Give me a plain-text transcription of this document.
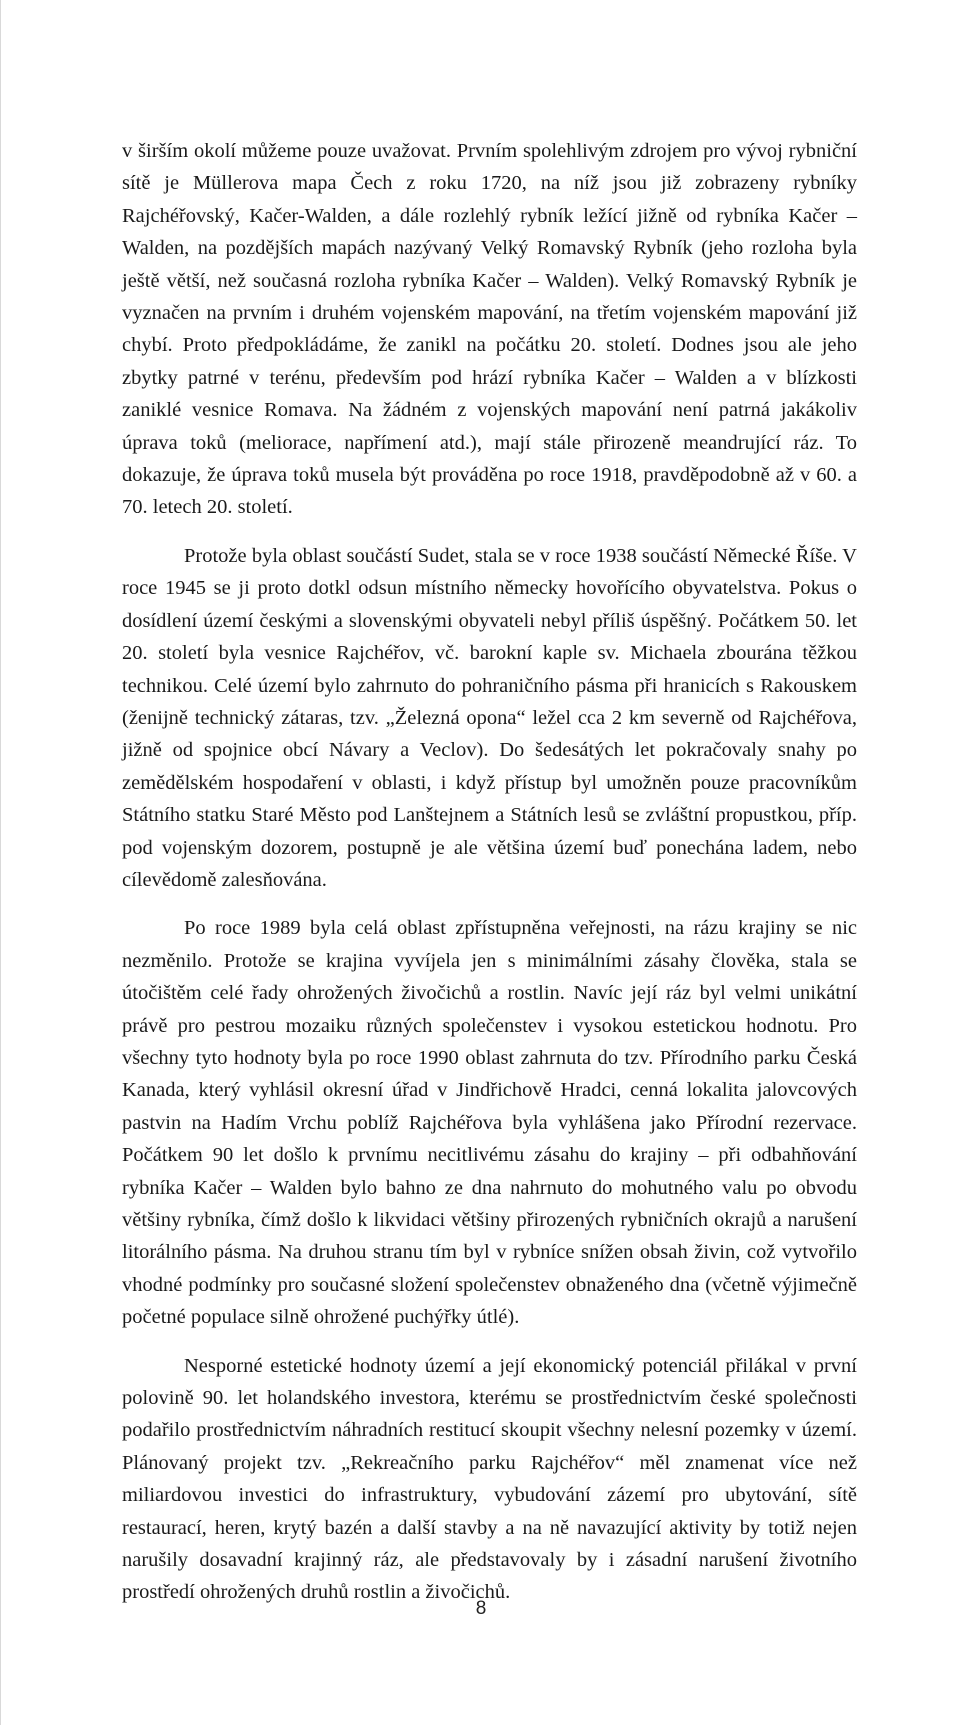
v širším okolí můžeme pouze uvažovat. Prvním spolehlivým zdrojem pro vývoj rybniční sítě je Müllerova mapa Čech z roku 1720, na níž jsou již zobrazeny rybníky Rajchéřovský, Kačer-Walden, a dále rozlehlý rybník ležící jižně od rybníka Kačer – Walden, na pozdějších mapách nazývaný Velký Romavský Rybník (jeho rozloha byla ještě větší, než současná rozloha rybníka Kačer – Walden). Velký Romavský Rybník je vyznačen na prvním i druhém vojenském mapování, na třetím vojenském mapování již chybí. Proto předpokládáme, že zanikl na počátku 20. století. Dodnes jsou ale jeho zbytky patrné v terénu, především pod hrází rybníka Kačer – Walden a v blízkosti zaniklé vesnice Romava. Na žádném z vojenských mapování není patrná jakákoliv úprava toků (meliorace, napřímení atd.), mají stále přirozeně meandrující ráz. To dokazuje, že úprava toků musela být prováděna po roce 1918, pravděpodobně až v 60. a 70. letech 20. století.

Protože byla oblast součástí Sudet, stala se v roce 1938 součástí Německé Říše. V roce 1945 se ji proto dotkl odsun místního německy hovořícího obyvatelstva. Pokus o dosídlení území českými a slovenskými obyvateli nebyl příliš úspěšný. Počátkem 50. let 20. století byla vesnice Rajchéřov, vč. barokní kaple sv. Michaela zbourána těžkou technikou. Celé území bylo zahrnuto do pohraničního pásma při hranicích s Rakouskem (ženijně technický zátaras, tzv. „Železná opona“ ležel cca 2 km severně od Rajchéřova, jižně od spojnice obcí Návary a Veclov). Do šedesátých let pokračovaly snahy po zemědělském hospodaření v oblasti, i když přístup byl umožněn pouze pracovníkům Státního statku Staré Město pod Lanštejnem a Státních lesů se zvláštní propustkou, příp. pod vojenským dozorem, postupně je ale většina území buď ponechána ladem, nebo cílevědomě zalesňována.

Po roce 1989 byla celá oblast zpřístupněna veřejnosti, na rázu krajiny se nic nezměnilo. Protože se krajina vyvíjela jen s minimálními zásahy člověka, stala se útočištěm celé řady ohrožených živočichů a rostlin. Navíc její ráz byl velmi unikátní právě pro pestrou mozaiku různých společenstev i vysokou estetickou hodnotu. Pro všechny tyto hodnoty byla po roce 1990 oblast zahrnuta do tzv. Přírodního parku Česká Kanada, který vyhlásil okresní úřad v Jindřichově Hradci, cenná lokalita jalovcových pastvin na Hadím Vrchu poblíž Rajchéřova byla vyhlášena jako Přírodní rezervace. Počátkem 90 let došlo k prvnímu necitlivému zásahu do krajiny – při odbahňování rybníka Kačer – Walden bylo bahno ze dna nahrnuto do mohutného valu po obvodu většiny rybníka, čímž došlo k likvidaci většiny přirozených rybničních okrajů a narušení litorálního pásma. Na druhou stranu tím byl v rybníce snížen obsah živin, což vytvořilo vhodné podmínky pro současné složení společenstev obnaženého dna (včetně výjimečně početné populace silně ohrožené puchýřky útlé).

Nesporné estetické hodnoty území a její ekonomický potenciál přilákal v první polovině 90. let holandského investora, kterému se prostřednictvím české společnosti podařilo prostřednictvím náhradních restitucí skoupit všechny nelesní pozemky v území. Plánovaný projekt tzv. „Rekreačního parku Rajchéřov“ měl znamenat více než miliardovou investici do infrastruktury, vybudování zázemí pro ubytování, sítě restaurací, heren, krytý bazén a další stavby a na ně navazující aktivity by totiž nejen narušily dosavadní krajinný ráz, ale představovaly by i zásadní narušení životního prostředí ohrožených druhů rostlin a živočichů.

8
